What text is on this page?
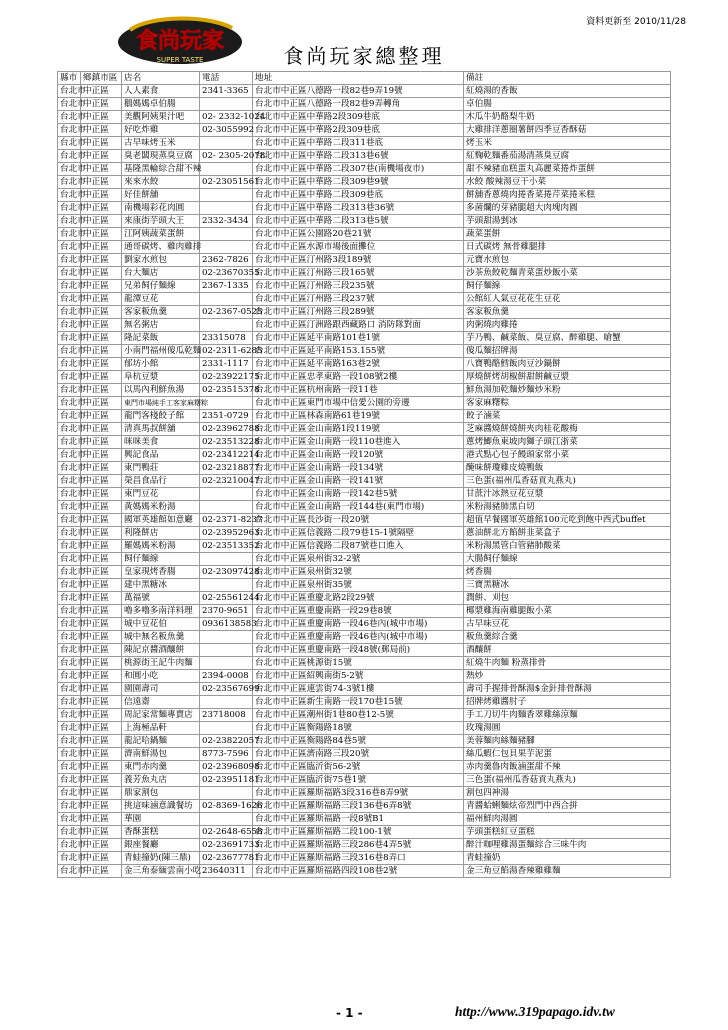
資料更新至 2010/11/28
食尚玩家
SUPER TASTE	食尚玩家總整理
縣市	鄉鎮市區	店名	電話	地址	備註
台北市	中正區	人人素食	2341-3365	台北市中正區八德路一段82巷9弄19號	紅燒湯的香飯
台北市	中正區	鵝媽媽卓伯腸		台北市中正區八德路一段82巷9弄轉角	卓伯腸
台北市	中正區	美觀阿姨果汁吧	02- 2332-1024	台北市中正區中華路2段309巷底	木瓜牛奶酪梨牛奶
台北市	中正區	好吃炸雞	02-3055992	台北市中正區中華路2段309巷底	大雞排洋蔥圈薯餅四季豆香酥菇
台北市	中正區	古早味烤玉米		台北市中正區中華路二段311巷底	烤玉米
台北市	中正區	臭老闆現蒸臭豆腐	02- 2305-2078	台北市中正區中華路二段313巷6號	紅麴乾麵番茄湯清蒸臭豆腐
台北市	中正區	基隆黑輪綜合甜不辣		台北市中正區中華路二段307巷(南機場夜市)	甜不辣豬血糕蛋丸高麗菜捲炸蛋餅
台北市	中正區	來來水餃	02-23051561	台北市中正區中華路二段309巷9號	水餃 酸辣湯豆干小菜
台北市	中正區	好佳餅舖		台北市中正區中華路二段309巷底	餅舖香蔥燒肉捲香菜捲芹菜捲米糕
台北市	中正區	南機場彩花肉圓		台北市中正區中華路二段313巷36號	多菌爛的芽豬腿超大肉塊肉圓
台北市	中正區	來康街芋頭大王	2332-3434	台北市中正區中華路二段313巷5號	芋頭甜湯剉冰
台北市	中正區	江阿姨蔬菜蛋餅		台北市中正區公園路20巷21號	蔬菜蛋餅
台北市	中正區	通哥碳烤、雞肉雞排		台北市中正區水源市場後面攤位	日式碳烤 無骨雞腿排
台北市	中正區	劉家水煎包	2362-7826	台北市中正區汀州路3段189號	元寶水煎包
台北市	中正區	台大麵店	02-23670355	台北市中正區汀州路三段165號	沙茶魚餃乾麵青菜蛋炒飯小菜
台北市	中正區	兄弟飼仔麵線	2367-1335	台北市中正區汀州路三段235號	飼仔麵線
台北市	中正區	龍潭豆花		台北市中正區汀州路三段237號	公館紅人氣豆花花生豆花
台北市	中正區	客家粄魚羹	02-2367-0525	台北市中正區汀州路三段289號	客家粄魚羹
台北市	中正區	無名粥店		台北市中正區汀洲路跟西藏路口 消防隊對面	肉粥燒肉雞捲
台北市	中正區	隆記菜飯	23315078	台北市中正區延平南路101巷1號	芋乃鴨、鹹菜飯、臭豆腐、醉雞腿、嗆蟹
台北市	中正區	小南門福州傻瓜乾麵	02-2311-6285	台北市中正區延平南路153.155號	傻瓜麵招牌湯
台北市	中正區	郁坊小館	2331-1117	台北市中正區延平南路163巷2號	八寶鴨酪鱈飯肉豆沙鍋餅
台北市	中正區	阜杭豆漿	02-23922175	台北市中正區忠孝東路一段108號2樓	厚燒餅烤胡椒餅甜餅鹹豆漿
台北市	中正區	以馬內利鮮魚湯	02-23515378	台北市中正區杭州南路一段11巷	鮮魚湯加乾麵炒麵炒米粉
台北市	中正區	東門市場純手工客家麻糬粽		台北市中正區東門市場中信愛公園的旁邊	客家麻糬粽
台北市	中正區	龍門客棧餃子館	2351-0729	台北市中正區林森南路61巷19號	餃子滷菜
台北市	中正區	清真馬叔餅舖	02-23962788	台北市中正區金山南路1段119號	芝麻醬燒餅燒餅夾肉桂花酸梅
台北市	中正區	咪咪美食	02-23513228	台北市中正區金山南路一段110巷進入	蔥烤鯽魚東坡肉獅子頭江浙菜
台北市	中正區	興記食品	02-23412214	台北市中正區金山南路一段120號	港式點心包子饅頭家常小菜
台北市	中正區	東門鴨莊	02-23218877	台北市中正區金山南路一段134號	醃味餅瓊雞皮燒鴨飯
台北市	中正區	榮昌食品行	02-23210047	台北市中正區金山南路一段141號	三色蛋(福州瓜香菇貢丸燕丸)
台北市	中正區	東門豆花		台北市中正區金山南路一段142巷5號	甘蔗汁冰熱豆花豆漿
台北市	中正區	黃媽媽米粉湯		台北市中正區金山南路一段144巷(東門市場)	米粉湯豬肺黑白切
台北市	中正區	國軍英雄館如意廳	02-2371-8237	台北市中正區長沙街一段20號	超值早餐國軍英雄館100元吃到飽中西式buffet
台北市	中正區	利隆餅店	02-23952963	台北市中正區信義路二段79巷15-1號隔壁	蔥油餅北方餡餅韭菜盒子
台北市	中正區	羅媽媽米粉湯	02-23513352	台北市中正區信義路二段87號巷口進入	米粉湯黑管白管豬肺酸菜
台北市	中正區	飼仔麵線		台北市中正區泉州街32-2號	大腸飼仔麵線
台北市	中正區	皇家現烤香腸	02-23097428	台北市中正區泉州街32號	烤香腸
台北市	中正區	建中黑糖冰		台北市中正區泉州街35號	三寶黑糖冰
台北市	中正區	萬福號	02-25561244	台北市中正區重慶北路2段29號	潤餅、刈包
台北市	中正區	嚕多嚕多南洋料理	2370-9651	台北市中正區重慶南路一段29巷8號	椰漿雞海南雞腿飯小菜
台北市	中正區	城中豆花伯	0936138583	台北市中正區重慶南路一段46巷內(城中市場)	古早味豆花
台北市	中正區	城中無名粄魚羹		台北市中正區重慶南路一段46巷內(城中市場)	粄魚羹綜合羹
台北市	中正區	陳記京醬酒釀餅		台北市中正區重慶南路一段48號(郵局前)	酒釀餅
台北市	中正區	桃源街王記牛肉麵		台北市中正區桃源街15號	紅燒牛肉麵 粉蒸排骨
台北市	中正區	和圓小吃	2394-0008	台北市中正區紹興南街5-2號	熱炒
台北市	中正區	園園壽司	02-23567699	台北市中正區連雲街74-3號1樓	壽司手握排骨酥湯$金針排骨酥湯
台北市	中正區	信遠齋		台北市中正區新生南路一段170巷15號	招牌烤雞醬肘子
台北市	中正區	周記家常麵專賣店	23718008	台北市中正區潮州街1巷80巷12-5號	手工刀切牛肉麵香翠雞絲涼麵
台北市	中正區	上海極品軒		台北市中正區衡陽路18號	玫瑰湯圓
台北市	中正區	龍記哈鍋麵	02-23822057	台北市中正區衡陽路84巷5號	美蓉麵肉絲麵豬腳
台北市	中正區	濟南鮮湯包	8773-7596	台北市中正區濟南路三段20號	絲瓜蝦仁包貝果芋泥蛋
台北市	中正區	東門赤肉羹	02-23968098	台北市中正區臨沂街56-2號	赤肉羹魯肉飯滷蛋甜不辣
台北市	中正區	義芳魚丸店	02-23951181	台北市中正區臨沂街75巷1號	三色蛋(福州瓜香菇貢丸燕丸)
台北市	中正區	鼎家割包		台北市中正區羅斯福路3段316巷8弄9號	割包四神湯
台北市	中正區	挑這味滷意識餐坊	02-8369-1626	台北市中正區羅斯福路三段136巷6弄8號	青醬蛤蜊麵炫帝烈門中西合拼
台北市	中正區	華園		台北市中正區羅斯福路一段8號B1	福州鮮肉湯圓
台北市	中正區	香酥蛋糕	02-2648-6558	台北市中正區羅斯福路二段100-1號	芋頭蛋糕紅豆蛋糕
台北市	中正區	銀座餐廳	02-23691733	台北市中正區羅斯福路三段286巷4弄5號	醉汁咖哩雞湯蛋麵綜合三味牛肉
台北市	中正區	青蛙撞奶(陳三鼎)	02-23677781	台北市中正區羅斯福路三段316巷8弄口	青蛙撞奶
台北市	中正區	金三角泰緬雲南小吃	23640311	台北市中正區羅斯福路四段108巷2號	金三角豆餡湯香辣雞雞麵
- 1 -	http://www.319papago.idv.tw
